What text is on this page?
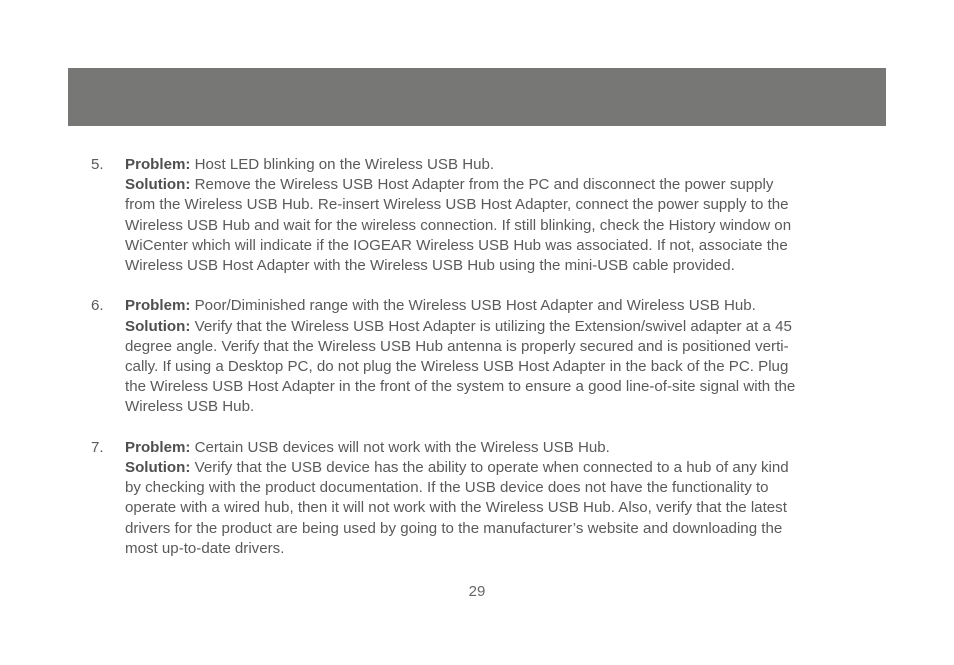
5. Problem: Host LED blinking on the Wireless USB Hub.
Solution: Remove the Wireless USB Host Adapter from the PC and disconnect the power supply
from the Wireless USB Hub. Re-insert Wireless USB Host Adapter, connect the power supply to the
Wireless USB Hub and wait for the wireless connection. If still blinking, check the History window on
WiCenter which will indicate if the IOGEAR Wireless USB Hub was associated. If not, associate the
Wireless USB Host Adapter with the Wireless USB Hub using the mini-USB cable provided.
6. Problem: Poor/Diminished range with the Wireless USB Host Adapter and Wireless USB Hub.
Solution: Verify that the Wireless USB Host Adapter is utilizing the Extension/swivel adapter at a 45
degree angle. Verify that the Wireless USB Hub antenna is properly secured and is positioned verti-
cally. If using a Desktop PC, do not plug the Wireless USB Host Adapter in the back of the PC. Plug
the Wireless USB Host Adapter in the front of the system to ensure a good line-of-site signal with the
Wireless USB Hub.
7. Problem: Certain USB devices will not work with the Wireless USB Hub.
Solution: Verify that the USB device has the ability to operate when connected to a hub of any kind
by checking with the product documentation. If the USB device does not have the functionality to
operate with a wired hub, then it will not work with the Wireless USB Hub. Also, verify that the latest
drivers for the product are being used by going to the manufacturer’s website and downloading the
most up-to-date drivers.
29
